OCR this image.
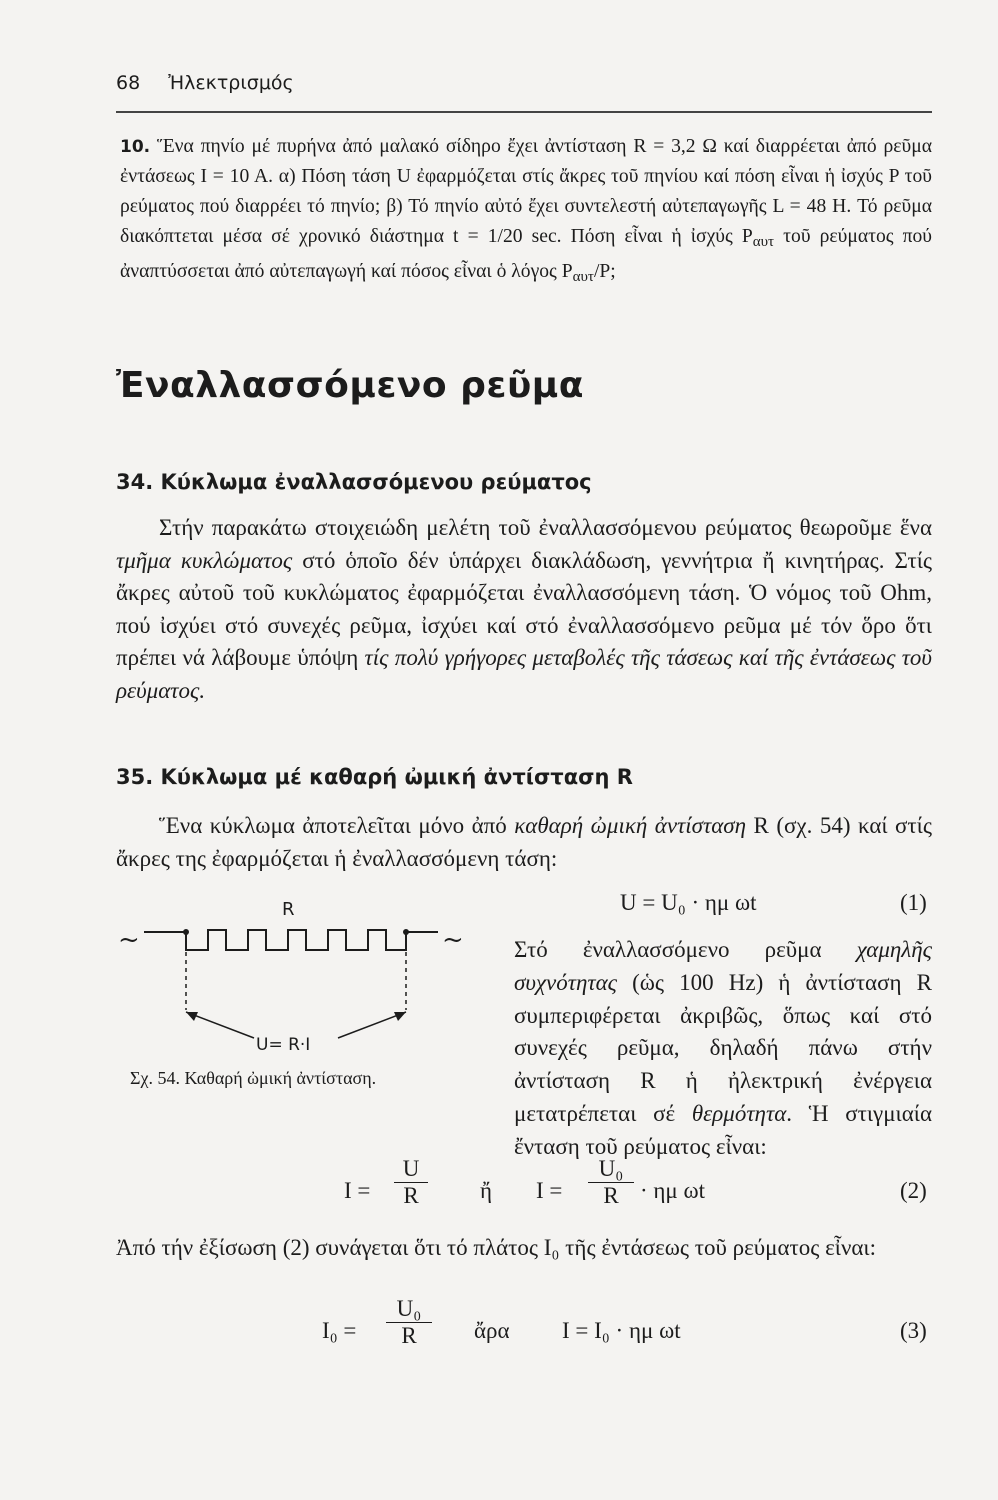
68 Ἠλεκτρισμός
10. Ἕνα πηνίο μέ πυρήνα ἀπό μαλακό σίδηρο ἔχει ἀντίσταση R = 3,2 Ω καί διαρρέεται ἀπό ρεῦμα ἐντάσεως I = 10 A. α) Πόση τάση U ἐφαρμόζεται στίς ἄκρες τοῦ πηνίου καί πόση εἶναι ἡ ἰσχύς P τοῦ ρεύματος πού διαρρέει τό πηνίο; β) Τό πηνίο αὐτό ἔχει συντελεστή αὐτεπαγωγῆς L = 48 H. Τό ρεῦμα διακόπτεται μέσα σέ χρονικό διάστημα t = 1/20 sec. Πόση εἶναι ἡ ἰσχύς $P_{\alpha\upsilon\tau}$ τοῦ ρεύματος πού ἀναπτύσσεται ἀπό αὐτεπαγωγή καί πόσος εἶναι ὁ λόγος $P_{\alpha\upsilon\tau}/P$;
Ἐναλλασσόμενο ρεῦμα
34. Κύκλωμα ἐναλλασσόμενου ρεύματος
Στήν παρακάτω στοιχειώδη μελέτη τοῦ ἐναλλασσόμενου ρεύματος θεωροῦμε ἕνα τμῆμα κυκλώματος στό ὁποῖο δέν ὑπάρχει διακλάδωση, γεννήτρια ἤ κινητήρας. Στίς ἄκρες αὐτοῦ τοῦ κυκλώματος ἐφαρμόζεται ἐναλλασσόμενη τάση. Ὁ νόμος τοῦ Ohm, πού ἰσχύει στό συνεχές ρεῦμα, ἰσχύει καί στό ἐναλλασσόμενο ρεῦμα μέ τόν ὅρο ὅτι πρέπει νά λάβουμε ὑπόψη τίς πολύ γρήγορες μεταβολές τῆς τάσεως καί τῆς ἐντάσεως τοῦ ρεύματος.
35. Κύκλωμα μέ καθαρή ὠμική ἀντίσταση R
Ἕνα κύκλωμα ἀποτελεῖται μόνο ἀπό καθαρή ὠμική ἀντίσταση R (σχ. 54) καί στίς ἄκρες της ἐφαρμόζεται ἡ ἐναλλασσόμενη τάση:
U = U₀ · ημ ωt	(1)
R
~	~
U= R·I
Σχ. 54. Καθαρή ὠμική ἀντίσταση.
Στό ἐναλλασσόμενο ρεῦμα χαμηλῆς συχνότητας (ὡς 100 Hz) ἡ ἀντίσταση R συμπεριφέρεται ἀκριβῶς, ὅπως καί στό συνεχές ρεῦμα, δηλαδή πάνω στήν ἀντίσταση R ἡ ἠλεκτρική ἐνέργεια μετατρέπεται σέ θερμότητα. Ἡ στιγμιαία ἔνταση τοῦ ρεύματος εἶναι:
$I = \frac{U}{R}$ ἤ $I = \frac{\text{U₀}}{R} \cdot \eta\mu$ ωt	(2)
Ἀπό τήν ἐξίσωση (2) συνάγεται ὅτι τό πλάτος I₀ τῆς ἐντάσεως τοῦ ρεύματος εἶναι:
$I_0 = \frac{\text{U₀}}{R}$ ἄρα I = I₀ · ημ ωt	(3)
